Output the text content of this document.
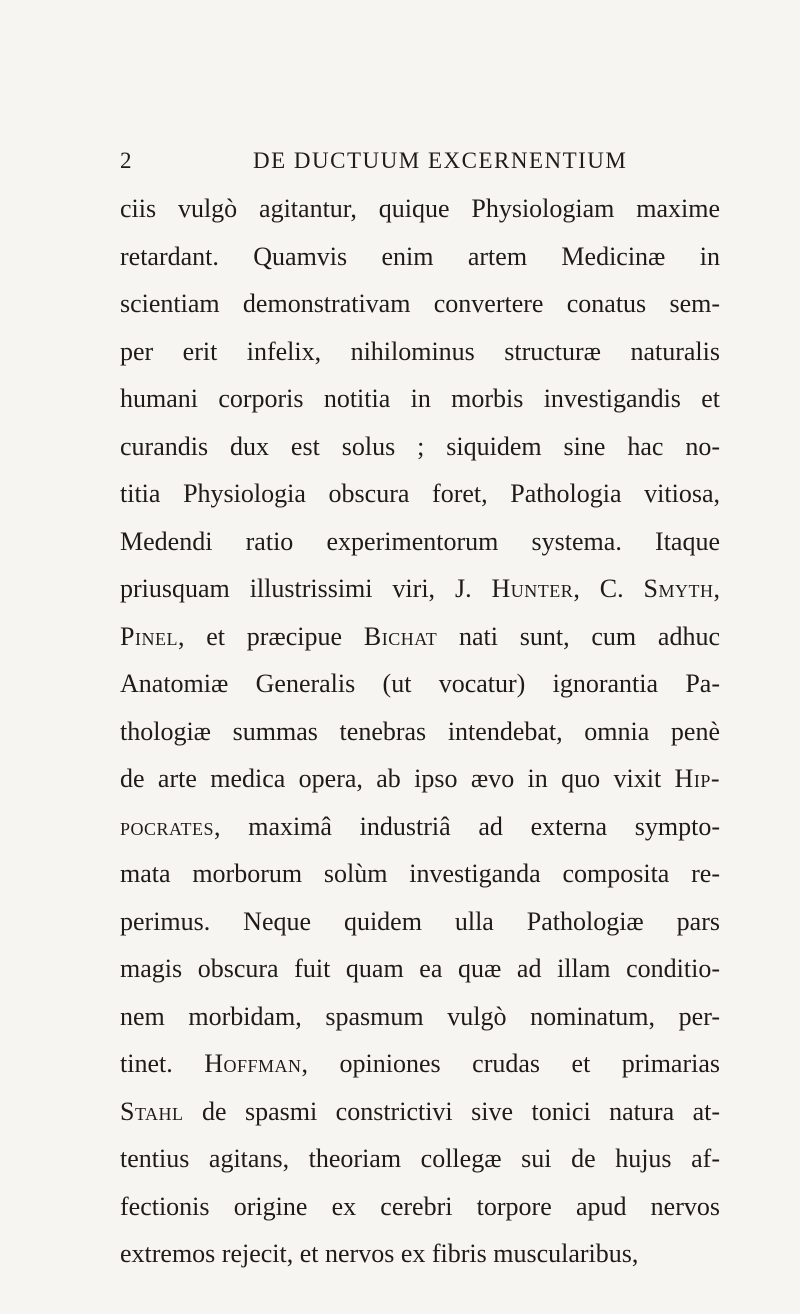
2	DE DUCTUUM EXCERNENTIUM
ciis vulgò agitantur, quique Physiologiam maxime
retardant. Quamvis enim artem Medicinæ in
scientiam demonstrativam convertere conatus sem-
per erit infelix, nihilominus structuræ naturalis
humani corporis notitia in morbis investigandis et
curandis dux est solus ; siquidem sine hac no-
titia Physiologia obscura foret, Pathologia vitiosa,
Medendi ratio experimentorum systema. Itaque
priusquam illustrissimi viri, J. Hunter, C. Smyth,
Pinel, et præcipue Bichat nati sunt, cum adhuc
Anatomiæ Generalis (ut vocatur) ignorantia Pa-
thologiæ summas tenebras intendebat, omnia penè
de arte medica opera, ab ipso ævo in quo vixit Hip-
pocrates, maximâ industriâ ad externa sympto-
mata morborum solùm investiganda composita re-
perimus. Neque quidem ulla Pathologiæ pars
magis obscura fuit quam ea quæ ad illam conditio-
nem morbidam, spasmum vulgò nominatum, per-
tinet. Hoffman, opiniones crudas et primarias
Stahl de spasmi constrictivi sive tonici natura at-
tentius agitans, theoriam collegæ sui de hujus af-
fectionis origine ex cerebri torpore apud nervos
extremos rejecit, et nervos ex fibris muscularibus,
